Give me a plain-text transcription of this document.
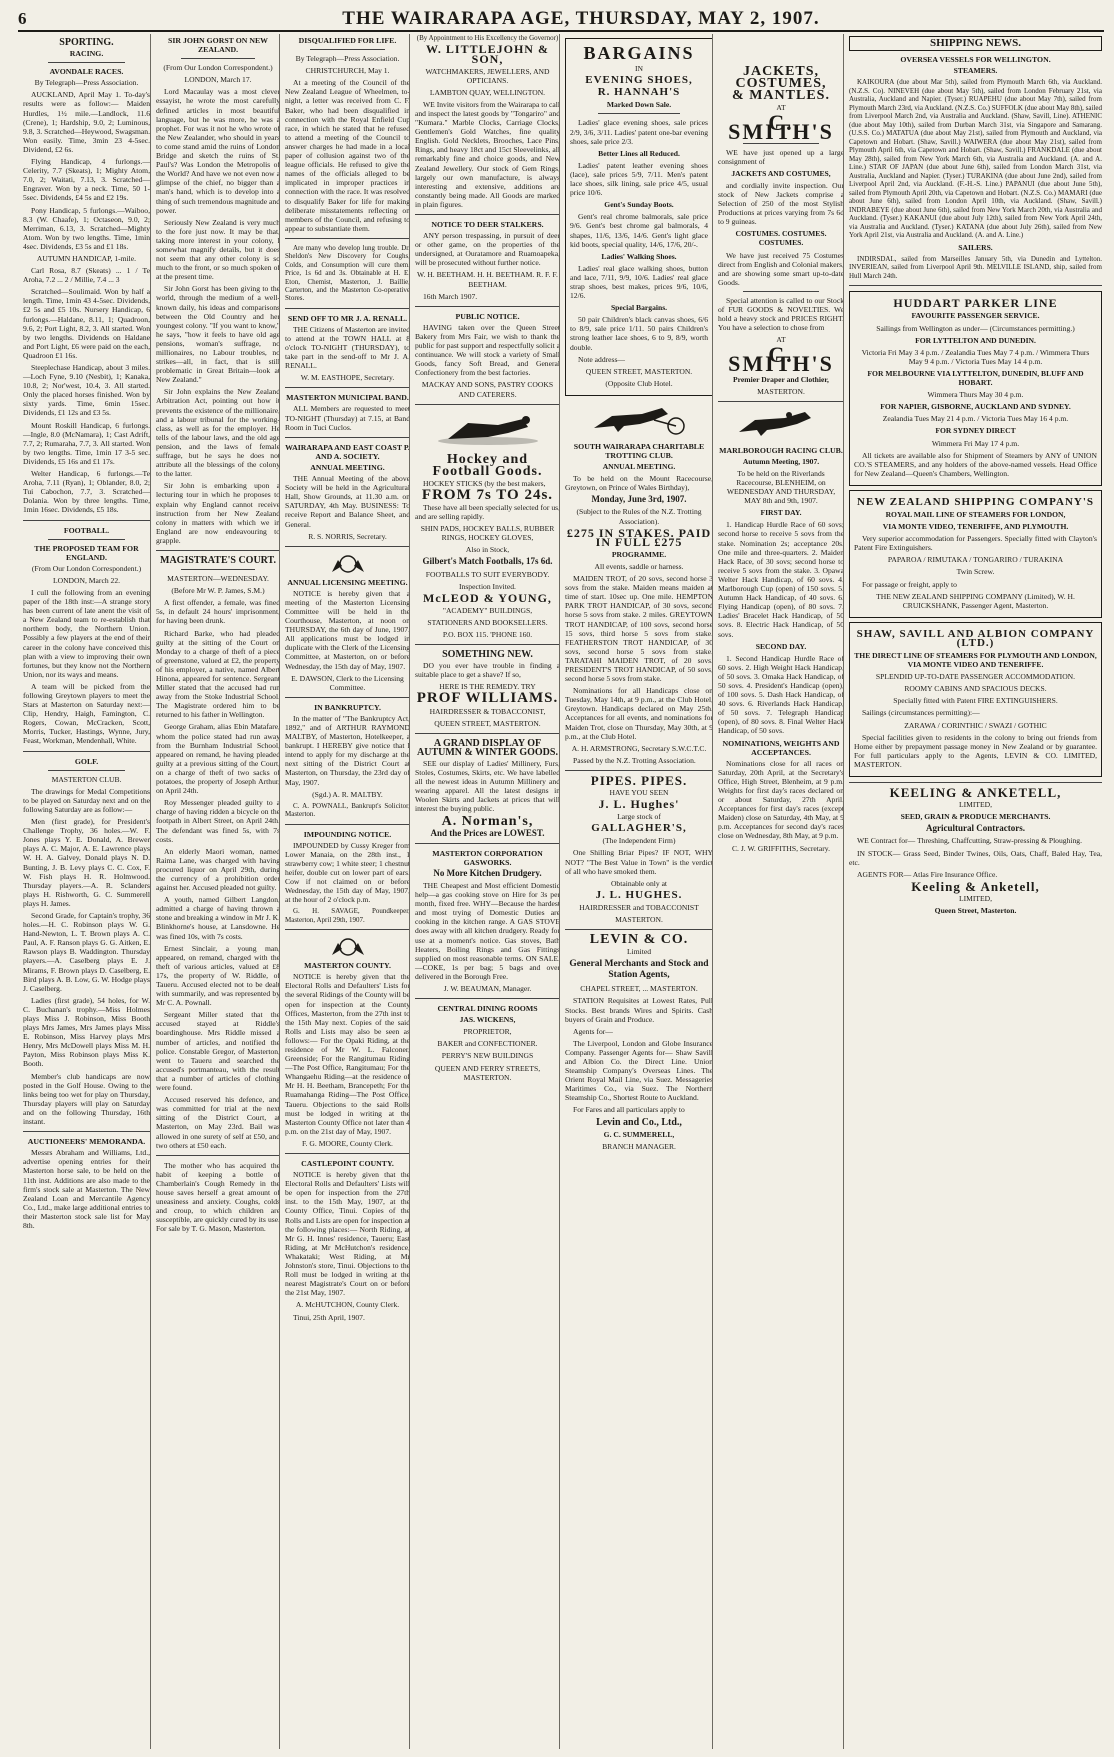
6	THE WAIRARAPA AGE, THURSDAY, MAY 2, 1907.
SPORTING.
RACING.
AVONDALE RACES.

By Telegraph—Press Association.

AUCKLAND, April May 1. To-day's results were as follow:— Maiden Hurdles, 1½ mile.—Landlock, 11.6 (Crene), 1; Hardship, 9.0, 2; Luminous, 9.8, 3. Scratched—Heywood, Swagsman. Won easily. Time, 3min 23 4-5sec. Dividend, £2 6s.

Flying Handicap, 4 furlongs.—Celerity, 7.7 (Skeats), 1; Mighty Atom, 7.0, 2; Waitati, 7.13, 3. Scratched—Engraver. Won by a neck. Time, 50 1-5sec. Dividends, £4 5s and £2 19s.

Pony Handicap, 5 furlongs.—Waiboo, 8.3 (W. Chaafe), 1; Octaseon, 9.0, 2; Merriman, 6.13, 3. Scratched—Mighty Atom. Won by two lengths. Time, 1min 4sec. Dividends, £3 5s and £1 18s.

AUTUMN HANDICAP, 1-mile.

Carl Rosa, 8.7 (Skeats) ... 1 / Te Aroha, 7.2 ... 2 / Millie, 7.4 ... 3

Scratched—Soulimaid. Won by half a length. Time, 1min 43 4-5sec. Dividends, £2 5s and £5 10s. Nursery Handicap, 6 furlongs.—Haldane, 8.11, 1; Quadroon, 9.6, 2; Port Light, 8.2, 3. All started. Won by two lengths. Dividends on Haldane and Port Light, £6 were paid on the each, Quadroon £1 16s.

Steeplechase Handicap, about 3 miles.—Loch Fyne, 9.10 (Nesbit), 1; Kanaka, 10.8, 2; Nor'west, 10.4, 3. All started. Only the placed horses finished. Won by sixty yards. Time, 6min 15sec. Dividends, £1 12s and £3 5s.

Mount Roskill Handicap, 6 furlongs.—Ingle, 8.0 (McNamara), 1; Cast Adrift, 7.7, 2; Rumaraha, 7.7, 3. All started. Won by two lengths. Time, 1min 17 3-5 sec. Dividends, £5 16s and £1 17s.

Welter Handicap, 6 furlongs.—Te Aroha, 7.11 (Ryan), 1; Oblander, 8.0, 2; Tui Cabochon, 7.7, 3. Scratched—Dolania. Won by three lengths. Time, 1min 16sec. Dividends, £5 18s.

FOOTBALL.
THE PROPOSED TEAM FOR ENGLAND.

(From Our London Correspondent.)

LONDON, March 22.

I cull the following from an evening paper of the 18th inst:—A strange story has been current of late anent the visit of a New Zealand team to re-establish that northern body, the Northern Union. Possibly a few players at the end of their career in the colony have conceived this plan with a view to improving their own fortunes, but they know not the Northern Union, nor its ways and means.

A team will be picked from the following Greytown players to meet the Stars at Masterton on Saturday next:—Clip, Hendry, Haigh, Famington, C. Rogers, Cowan, McCracken, Scott, Morris, Tucker, Hastings, Wynne, Jury, Feast, Workman, Mendenhall, White.

GOLF.

MASTERTON CLUB.

The drawings for Medal Competitions to be played on Saturday next and on the following Saturday are as follow:—

Men (first grade), for President's Challenge Trophy, 36 holes.—W. F. Jones plays Y. E. Donald, A. Brewer plays A. C. Major, A. E. Lawrence plays W. H. A. Galvey, Donald plays N. D. Bunting, J. B. Levy plays C. C. Cox, F. W. Fish plays H. R. Holmwood. Thursday players.—A. R. Sclanders plays H. Rishworth, G. C. Summerell plays H. James.

Second Grade, for Captain's trophy, 36 holes.—H. C. Robinson plays W. G. Hand-Newton, L. T. Brown plays A. C. Paul, A. F. Ranson plays G. G. Aitken, E. Rawson plays B. Waddington. Thursday players.—A. Caselberg plays E. J. Mirams, F. Brown plays D. Caselberg, E. Bird plays A. B. Low, G. W. Hodge plays J. Caselberg.

Ladies (first grade), 54 holes, for W. C. Buchanan's trophy.—Miss Holmes plays Miss J. Robinson, Miss Booth plays Mrs James, Mrs James plays Miss E. Robinson, Miss Harvey plays Mrs Henry, Mrs McDowell plays Miss M. H. Payton, Miss Robinson plays Miss K. Booth.

Member's club handicaps are now posted in the Golf House. Owing to the links being too wet for play on Thursday, Thursday players will play on Saturday and on the following Thursday, 16th instant.

AUCTIONEERS' MEMORANDA.

Messrs Abraham and Williams, Ltd., advertise opening entries for their Masterton horse sale, to be held on the 11th inst. Additions are also made to the firm's stock sale at Masterton. The New Zealand Loan and Mercantile Agency Co., Ltd., make large additional entries to their Masterton stock sale list for May 8th.

SIR JOHN GORST ON NEW ZEALAND.

(From Our London Correspondent.)

LONDON, March 17.

Lord Macaulay was a most clever essayist, he wrote the most carefully defined articles in most beautiful language, but he was more, he was a prophet. For was it not he who wrote of the New Zealander, who should in years to come stand amid the ruins of London Bridge and sketch the ruins of St. Paul's? Was London the Metropolis of the World? And have we not even now a glimpse of the chief, no bigger than a man's hand, which is to develop into a thing of such tremendous magnitude and power.

Seriously New Zealand is very much to the fore just now. It may be that, taking more interest in your colony, I somewhat magnify details, but it does not seem that any other colony is so much to the front, or so much spoken of at the present time.

Sir John Gorst has been giving to the world, through the medium of a well-known daily, his ideas and comparisons between the Old Country and her youngest colony. "If you want to know," he says, "how it feels to have old age pensions, woman's suffrage, no millionaires, no Labour troubles, no strikes—all, in fact, that is still problematic in Great Britain—look at New Zealand."

Sir John explains the New Zealand Arbitration Act, pointing out how it prevents the existence of the millionaire, and a labour tribunal for the working-class, as well as for the employer. He tells of the labour laws, and the old age pension, and the laws of female suffrage, but he says he does not attribute all the blessings of the colony to the latter.

Sir John is embarking upon a lecturing tour in which he proposes to explain why England cannot receive instruction from her New Zealand colony in matters with which we in England are now endeavouring to grapple.

MAGISTRATE'S COURT.

MASTERTON—WEDNESDAY.

(Before Mr W. P. James, S.M.)

A first offender, a female, was fined 5s, in default 24 hours' imprisonment, for having been drunk.

Richard Barke, who had pleaded guilty at the sitting of the Court on Monday to a charge of theft of a piece of greenstone, valued at £2, the property of his employer, a native, named Albert Hinona, appeared for sentence. Sergeant Miller stated that the accused had run away from the Stoke Industrial School. The Magistrate ordered him to be returned to his father in Wellington.

George Graham, alias Ebin Matafare, whom the police stated had run away from the Burnham Industrial School, appeared on remand, he having pleaded guilty at a previous sitting of the Court, on a charge of theft of two sacks of potatoes, the property of Joseph Arthur, on April 24th.

Roy Messenger pleaded guilty to a charge of having ridden a bicycle on the footpath in Albert Street, on April 24th. The defendant was fined 5s, with 7s costs.

An elderly Maori woman, named Raima Lane, was charged with having procured liquor on April 29th, during the currency of a prohibition order against her. Accused pleaded not guilty.

A youth, named Gilbert Langdon, admitted a charge of having thrown a stone and breaking a window in Mr J. K. Blinkhorne's house, at Lansdowne. He was fined 10s, with 7s costs.

Ernest Sinclair, a young man, appeared, on remand, charged with the theft of various articles, valued at £8 17s, the property of W. Riddle, of Taueru. Accused elected not to be dealt with summarily, and was represented by Mr C. A. Pownall.

Sergeant Miller stated that the accused stayed at Riddle's boardinghouse. Mrs Riddle missed a number of articles, and notified the police. Constable Gregor, of Masterton, went to Taueru and searched the accused's portmanteau, with the result that a number of articles of clothing were found.

Accused reserved his defence, and was committed for trial at the next sitting of the District Court, at Masterton, on May 23rd. Bail was allowed in one surety of self at £50, and two others at £50 each.

The mother who has acquired the habit of keeping a bottle of Chamberlain's Cough Remedy in the house saves herself a great amount of uneasiness and anxiety. Coughs, colds and croup, to which children are susceptible, are quickly cured by its use. For sale by T. G. Mason, Masterton.

DISQUALIFIED FOR LIFE.

By Telegraph—Press Association.

CHRISTCHURCH, May 1.

At a meeting of the Council of the New Zealand League of Wheelmen, to-night, a letter was received from C. F. Baker, who had been disqualified in connection with the Royal Enfield Cup race, in which he stated that he refused to attend a meeting of the Council to answer charges he had made in a local paper of collusion against two of the league officials. He refused to give the names of the officials alleged to be implicated in improper practices in connection with the race. It was resolved to disqualify Baker for life for making deliberate misstatements reflecting on members of the Council, and refusing to appear to substantiate them.

Are many who develop lung trouble. Dr. Sheldon's New Discovery for Coughs, Colds, and Consumption will cure them. Price, 1s 6d and 3s. Obtainable at H. E. Eton, Chemist, Masterton, J. Baillie, Carterton, and the Masterton Co-operative Stores.

SEND OFF TO MR J. A. RENALL.

THE Citizens of Masterton are invited to attend at the TOWN HALL at 8 o'clock TO-NIGHT (THURSDAY), to take part in the send-off to Mr J. A. RENALL.

W. M. EASTHOPE, Secretary.

MASTERTON MUNICIPAL BAND.

ALL Members are requested to meet TO-NIGHT (Thursday) at 7.15, at Band Room in Tuci Cuclos.

WAIRARAPA AND EAST COAST P. AND A. SOCIETY.
ANNUAL MEETING.

THE Annual Meeting of the above Society will be held in the Agricultural Hall, Show Grounds, at 11.30 a.m. on SATURDAY, 4th May. BUSINESS: To receive Report and Balance Sheet, and General.

R. S. NORRIS, Secretary.

ANNUAL LICENSING MEETING.

NOTICE is hereby given that a meeting of the Masterton Licensing Committee will be held in the Courthouse, Masterton, at noon on THURSDAY, the 6th day of June, 1907. All applications must be lodged in duplicate with the Clerk of the Licensing Committee, at Masterton, on or before Wednesday, the 15th day of May, 1907.

E. DAWSON, Clerk to the Licensing Committee.

IN BANKRUPTCY.

In the matter of "The Bankruptcy Act, 1892," and of ARTHUR RAYMOND MALTBY, of Masterton, Hotelkeeper, a bankrupt. I HEREBY give notice that I intend to apply for my discharge at the next sitting of the District Court at Masterton, on Thursday, the 23rd day of May, 1907.

(Sgd.) A. R. MALTBY.

C. A. POWNALL, Bankrupt's Solicitor, Masterton.

IMPOUNDING NOTICE.

IMPOUNDED by Cussy Kreger from Lower Manaia, on the 28th inst., 1 strawberry cow; 1 white steer; 1 chestnut heifer, double cut on lower part of ears. Cow if not claimed on or before Wednesday, the 15th day of May, 1907, at the hour of 2 o'clock p.m.

G. H. SAVAGE, Poundkeeper, Masterton, April 29th, 1907.

MASTERTON COUNTY.

NOTICE is hereby given that the Electoral Rolls and Defaulters' Lists for the several Ridings of the County will be open for inspection at the County Offices, Masterton, from the 27th inst to the 15th May next. Copies of the said Rolls and Lists may also be seen as follows:— For the Opaki Riding, at the residence of Mr W. L. Falconer, Greenside; For the Rangitumau Riding—The Post Office, Rangitumau; For the Whangaehu Riding—at the residence of Mr H. H. Beetham, Brancepeth; For the Ruamahanga Riding—The Post Office, Taueru. Objections to the said Rolls must be lodged in writing at the Masterton County Office not later than 4 p.m. on the 21st day of May, 1907.

F. G. MOORE, County Clerk.

CASTLEPOINT COUNTY.

NOTICE is hereby given that the Electoral Rolls and Defaulters' Lists will be open for inspection from the 27th inst. to the 15th May, 1907, at the County Office, Tinui. Copies of the Rolls and Lists are open for inspection at the following places:— North Riding, at Mr G. H. Innes' residence, Taueru; East Riding, at Mr McHutchon's residence, Whakataki; West Riding, at Mr Johnston's store, Tinui. Objections to the Roll must be lodged in writing at the nearest Magistrate's Court on or before the 21st May, 1907.

A. McHUTCHON, County Clerk.

Tinui, 25th April, 1907.

(By Appointment to His Excellency the Governor)

W. LITTLEJOHN & SON,

WATCHMAKERS, JEWELLERS, AND OPTICIANS.

LAMBTON QUAY, WELLINGTON.

WE Invite visitors from the Wairarapa to call and inspect the latest goods by "Tongariro" and "Kumara." Marble Clocks, Carriage Clocks, Gentlemen's Gold Watches, fine quality English. Gold Necklets, Brooches, Lace Pins, Rings, and heavy 18ct and 15ct Sleevelinks, all remarkably fine and choice goods, and New Zealand Jewellery. Our stock of Gem Rings, largely our own manufacture, is always interesting and extensive, additions are constantly being made. All Goods are marked in plain figures.

NOTICE TO DEER STALKERS.

ANY person trespassing, in pursuit of deer or other game, on the properties of the undersigned, at Ouratamore and Ruamoapeka, will be prosecuted without further notice.

W. H. BEETHAM. H. H. BEETHAM. R. F. F. BEETHAM.

16th March 1907.

PUBLIC NOTICE.

HAVING taken over the Queen Street Bakery from Mrs Fair, we wish to thank the public for past support and respectfully solicit a continuance. We will stock a variety of Small Goods, fancy Soft Bread, and General Confectionery from the best factories.

MACKAY AND SONS, PASTRY COOKS AND CATERERS.

Hockey and
Football Goods.

HOCKEY STICKS (by the best makers,

FROM 7s TO 24s.

These have all been specially selected for us, and are selling rapidly.

SHIN PADS, HOCKEY BALLS, RUBBER RINGS, HOCKEY GLOVES,

Also in Stock,

Gilbert's Match Footballs, 17s 6d.

FOOTBALLS TO SUIT EVERYBODY.

Inspection Invited.

McLEOD & YOUNG,

"ACADEMY" BUILDINGS,

STATIONERS AND BOOKSELLERS.

P.O. BOX 115. 'PHONE 160.

SOMETHING NEW.

DO you ever have trouble in finding a suitable place to get a shave? If so,

HERE IS THE REMEDY. TRY

PROF WILLIAMS.

HAIRDRESSER & TOBACCONIST,

QUEEN STREET, MASTERTON.

A GRAND DISPLAY OF AUTUMN & WINTER GOODS.

SEE our display of Ladies' Millinery, Furs, Stoles, Costumes, Skirts, etc. We have labelled all the newest ideas in Autumn Millinery and wearing apparel. All the latest designs in Woolen Skirts and Jackets at prices that will interest the buying public.

A. Norman's,

And the Prices are LOWEST.

MASTERTON CORPORATION GASWORKS.

No More Kitchen Drudgery.

THE Cheapest and Most efficient Domestic help—a gas cooking stove on Hire for 3s per month, fixed free. WHY—Because the hardest and most trying of Domestic Duties are cooking in the kitchen range. A GAS STOVE does away with all kitchen drudgery. Ready for use at a moment's notice. Gas stoves, Bath Heaters, Boiling Rings and Gas Fittings supplied on most reasonable terms. ON SALE.—COKE, 1s per bag; 5 bags and over delivered in the Borough Free.

J. W. BEAUMAN, Manager.

CENTRAL DINING ROOMS

JAS. WICKENS,

PROPRIETOR,

BAKER and CONFECTIONER.

PERRY'S NEW BUILDINGS

QUEEN AND FERRY STREETS, MASTERTON.

BARGAINS

IN

EVENING SHOES,
R. HANNAH'S

Marked Down Sale.

Ladies' glace evening shoes, sale prices 2/9, 3/6, 3/11. Ladies' patent one-bar evening shoes, sale price 2/3.

Better Lines all Reduced.

Ladies' patent leather evening shoes (lace), sale prices 5/9, 7/11. Men's patent lace shoes, silk lining, sale price 4/5, usual price 10/6.

Gent's Sunday Boots.

Gent's real chrome balmorals, sale price 9/6. Gent's best chrome gal balmorals, 4 shapes, 11/6, 13/6, 14/6. Gent's light glace kid boots, special quality, 14/6, 17/6, 20/-.

Ladies' Walking Shoes.

Ladies' real glace walking shoes, button and lace, 7/11, 9/9, 10/6. Ladies' real glace strap shoes, best makes, prices 9/6, 10/6, 12/6.

Special Bargains.

50 pair Children's black canvas shoes, 6/6 to 8/9, sale price 1/11. 50 pairs Children's strong leather lace shoes, 6 to 9, 8/9, worth double.

Note address—

QUEEN STREET, MASTERTON.

(Opposite Club Hotel.

SOUTH WAIRARAPA CHARITABLE TROTTING CLUB.

ANNUAL MEETING.

To be held on the Mount Racecourse, Greytown, on Prince of Wales Birthday),

Monday, June 3rd, 1907.

(Subject to the Rules of the N.Z. Trotting Association).

£275 IN STAKES. PAID IN FULL £275

PROGRAMME.

All events, saddle or harness.

MAIDEN TROT, of 20 sovs, second horse 3 sovs from the stake. Maiden means maiden at time of start. 10sec up. One mile. HEMPTON PARK TROT HANDICAP, of 30 sovs, second horse 5 sovs from stake. 2 miles. GREYTOWN TROT HANDICAP, of 100 sovs, second horse 15 sovs, third horse 5 sovs from stake. FEATHERSTON TROT HANDICAP, of 30 sovs, second horse 5 sovs from stake. TARATAHI MAIDEN TROT, of 20 sovs. PRESIDENT'S TROT HANDICAP, of 50 sovs, second horse 5 sovs from stake.

Nominations for all Handicaps close on Tuesday, May 14th, at 9 p.m., at the Club Hotel, Greytown. Handicaps declared on May 25th. Acceptances for all events, and nominations for Maiden Trot, close on Thursday, May 30th, at 9 p.m., at the Club Hotel.

A. H. ARMSTRONG, Secretary S.W.C.T.C.

Passed by the N.Z. Trotting Association.

PIPES. PIPES.

HAVE YOU SEEN

J. L. Hughes'

Large stock of

GALLAGHER'S,

(The Independent Firm)

One Shilling Briar Pipes? IF NOT, WHY NOT? "The Best Value in Town" is the verdict of all who have smoked them.

Obtainable only at

J. L. HUGHES.

HAIRDRESSER and TOBACCONIST

MASTERTON.

LEVIN & CO.

Limited

General Merchants and Stock and Station Agents,

CHAPEL STREET, ... MASTERTON.

STATION Requisites at Lowest Rates, Pull Stocks. Best brands Wires and Spirits. Cash buyers of Grain and Produce.

Agents for—

The Liverpool, London and Globe Insurance Company. Passenger Agents for— Shaw Savill and Albion Co. the Direct Line. Union Steamship Company's Overseas Lines. The Orient Royal Mail Line, via Suez. Messageries Maritimes Co., via Suez. The Northern Steamship Co., Shortest Route to Auckland.

For Fares and all particulars apply to

Levin and Co., Ltd.,

G. C. SUMMERELL,

BRANCH MANAGER.

JACKETS,
COSTUMES,
& MANTLES.

AT

C. SMITH'S

WE have just opened up a large consignment of

JACKETS AND COSTUMES,

and cordially invite inspection. Our stock of New Jackets comprise a Selection of 250 of the most Stylish Productions at prices varying from 7s 6d to 9 guineas.

COSTUMES. COSTUMES. COSTUMES.

We have just received 75 Costumes direct from English and Colonial makers, and are showing some smart up-to-date Goods.

Special attention is called to our Stock of FUR GOODS & NOVELTIES. We hold a heavy stock and PRICES RIGHT. You have a selection to chose from

AT

C. SMITH'S

Premier Draper and Clothier,

MASTERTON.

MARLBOROUGH RACING CLUB.

Autumn Meeting, 1907.

To be held on the Riverlands Racecourse, BLENHEIM, on WEDNESDAY AND THURSDAY, MAY 8th and 9th, 1907.

FIRST DAY.

1. Handicap Hurdle Race of 60 sovs; second horse to receive 5 sovs from the stake. Nomination 2s; acceptance 20s. One mile and three-quarters. 2. Maiden Hack Race, of 30 sovs; second horse to receive 5 sovs from the stake. 3. Opawa Welter Hack Handicap, of 60 sovs. 4. Marlborough Cup (open) of 150 sovs. 5. Autumn Hack Handicap, of 40 sovs. 6. Flying Handicap (open), of 80 sovs. 7. Ladies' Bracelet Hack Handicap, of 50 sovs. 8. Electric Hack Handicap, of 50 sovs.

SECOND DAY.

1. Second Handicap Hurdle Race of 60 sovs. 2. High Weight Hack Handicap, of 50 sovs. 3. Omaka Hack Handicap, of 50 sovs. 4. President's Handicap (open), of 100 sovs. 5. Dash Hack Handicap, of 40 sovs. 6. Riverlands Hack Handicap, of 50 sovs. 7. Telegraph Handicap (open), of 80 sovs. 8. Final Welter Hack Handicap, of 50 sovs.

NOMINATIONS, WEIGHTS AND ACCEPTANCES.

Nominations close for all races on Saturday, 20th April, at the Secretary's Office, High Street, Blenheim, at 9 p.m. Weights for first day's races declared on or about Saturday, 27th April. Acceptances for first day's races (except Maiden) close on Saturday, 4th May, at 9 p.m. Acceptances for second day's races close on Wednesday, 8th May, at 9 p.m.

C. J. W. GRIFFITHS, Secretary.

SHIPPING NEWS.
OVERSEA VESSELS FOR WELLINGTON.

STEAMERS.

KAIKOURA (due about Mar 5th), sailed from Plymouth March 6th, via Auckland. (N.Z.S. Co). NINEVEH (due about May 5th), sailed from London February 21st, via Australia, Auckland and Napier. (Tyser.) RUAPEHU (due about May 7th), sailed from Plymouth March 23rd, via Auckland. (N.Z.S. Co.) SUFFOLK (due about May 8th), sailed from Liverpool March 2nd, via Australia and Auckland. (Shaw, Savill, Line). ATHENIC (due about May 10th), sailed from Durban March 31st, via Singapore and Samarang. (U.S.S. Co.) MATATUA (due about May 21st), sailed from Plymouth and Auckland, via Capetown and Hobart. (Shaw, Savill.) WAIWERA (due about May 21st), sailed from Plymouth April 6th, via Capetown and Hobart. (Shaw, Savill.) FRANKDALE (due about May 28th), sailed from New York March 6th, via Australia and Auckland. (A. and A. Line.) STAR OF JAPAN (due about June 6th), sailed from London March 31st, via Australia, Auckland and Napier. (Tyser.) TURAKINA (due about June 2nd), sailed from Liverpool April 2nd, via Auckland. (F.-H.-S. Line.) PAPANUI (due about June 5th), sailed from Plymouth April 20th, via Capetown and Hobart. (N.Z.S. Co.) MAMARI (due about June 6th), sailed from London April 10th, via Auckland. (Shaw, Savill.) INDRABEYE (due about June 6th), sailed from New York March 20th, via Australia and Auckland. (Tyser.) KAKANUI (due about July 12th), sailed from New York April 24th, via Australia and Auckland. (Tyser.) KATANA (due about July 26th), sailed from New York April 21st, via Australia and Auckland. (A. and A. Line.)

SAILERS.

INDIRSDAL, sailed from Marseilles January 5th, via Dunedin and Lyttelton. INVERIEAN, sailed from Liverpool April 9th. MELVILLE ISLAND, ship, sailed from Hull March 24th.

HUDDART PARKER LINE

FAVOURITE PASSENGER SERVICE.

Sailings from Wellington as under— (Circumstances permitting.)

FOR LYTTELTON AND DUNEDIN.

Victoria Fri May 3 4 p.m. / Zealandia Tues May 7 4 p.m. / Wimmera Thurs May 9 4 p.m. / Victoria Tues May 14 4 p.m.

FOR MELBOURNE VIA LYTTELTON, DUNEDIN, BLUFF AND HOBART.

Wimmera Thurs May 30 4 p.m.

FOR NAPIER, GISBORNE, AUCKLAND AND SYDNEY.

Zealandia Tues May 21 4 p.m. / Victoria Tues May 16 4 p.m.

FOR SYDNEY DIRECT

Wimmera Fri May 17 4 p.m.

All tickets are available also for Shipment of Steamers by ANY of UNION CO.'S STEAMERS, and any holders of the above-named vessels. Head Office for New Zealand—Queen's Chambers, Wellington.

NEW ZEALAND SHIPPING COMPANY'S

ROYAL MAIL LINE OF STEAMERS FOR LONDON,

VIA MONTE VIDEO, TENERIFFE, AND PLYMOUTH.

Very superior accommodation for Passengers. Specially fitted with Clayton's Patent Fire Extinguishers.

PAPAROA / RIMUTAKA / TONGARIRO / TURAKINA

Twin Screw.

For passage or freight, apply to

THE NEW ZEALAND SHIPPING COMPANY (Limited), W. H. CRUICKSHANK, Passenger Agent, Masterton.

SHAW, SAVILL AND ALBION COMPANY (LTD.)

THE DIRECT LINE OF STEAMERS FOR PLYMOUTH AND LONDON, VIA MONTE VIDEO AND TENERIFFE.

SPLENDID UP-TO-DATE PASSENGER ACCOMMODATION.

ROOMY CABINS AND SPACIOUS DECKS.

Specially fitted with Patent FIRE EXTINGUISHERS.

Sailings (circumstances permitting):—

ZARAWA / CORINTHIC / SWAZI / GOTHIC

Special facilities given to residents in the colony to bring out friends from Home either by prepayment passage money in New Zealand or by guarantee. For full particulars apply to the Agents, LEVIN & CO. LIMITED, MASTERTON.

KEELING & ANKETELL,

LIMITED,

SEED, GRAIN & PRODUCE MERCHANTS.

Agricultural Contractors.

WE Contract for— Threshing, Chaffcutting, Straw-pressing & Ploughing.

IN STOCK— Grass Seed, Binder Twines, Oils, Oats, Chaff, Baled Hay, Tea, etc.

AGENTS FOR— Atlas Fire Insurance Office.

Keeling & Anketell,

LIMITED,

Queen Street, Masterton.
